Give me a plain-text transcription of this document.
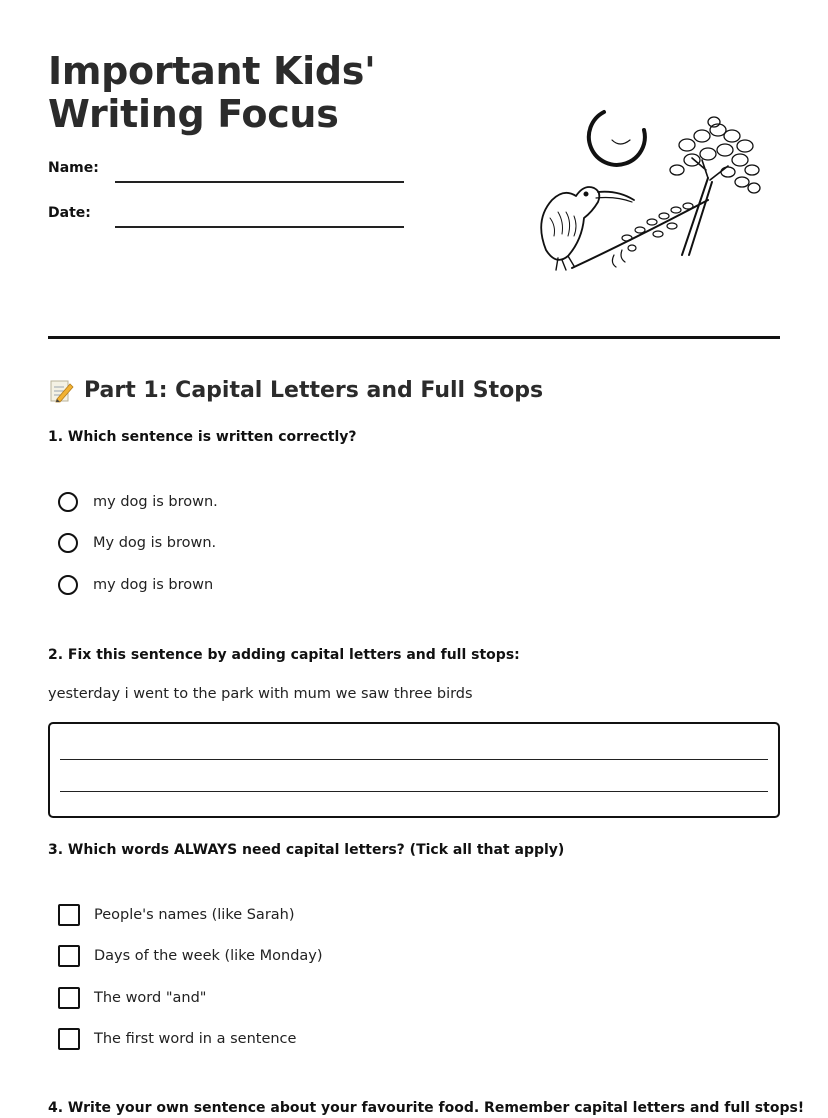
Important Kids' Writing Focus
Name:
Date:
Part 1: Capital Letters and Full Stops

1. Which sentence is written correctly?

my dog is brown.
My dog is brown.
my dog is brown

2. Fix this sentence by adding capital letters and full stops:

yesterday i went to the park with mum we saw three birds

3. Which words ALWAYS need capital letters? (Tick all that apply)

People's names (like Sarah)
Days of the week (like Monday)
The word "and"
The first word in a sentence

4. Write your own sentence about your favourite food. Remember capital letters and full stops!
